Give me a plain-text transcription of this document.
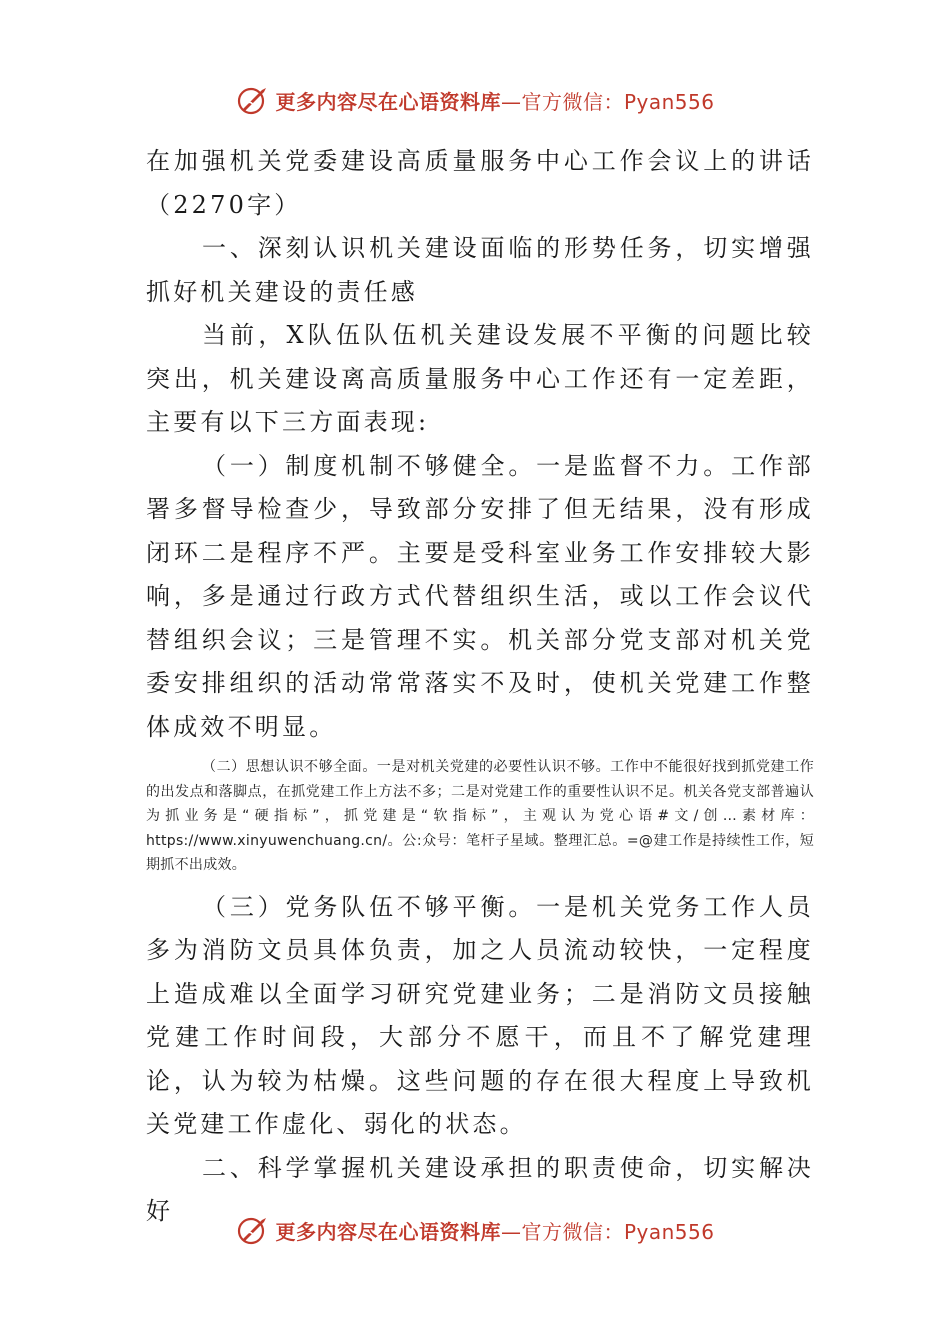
更多内容尽在心语资料库—官方微信：Pyan556

在加强机关党委建设高质量服务中心工作会议上的讲话（2270字）

一、深刻认识机关建设面临的形势任务，切实增强抓好机关建设的责任感

当前，X队伍队伍机关建设发展不平衡的问题比较突出，机关建设离高质量服务中心工作还有一定差距，主要有以下三方面表现:

（一）制度机制不够健全。一是监督不力。工作部署多督导检查少，导致部分安排了但无结果，没有形成闭环二是程序不严。主要是受科室业务工作安排较大影响，多是通过行政方式代替组织生活，或以工作会议代替组织会议；三是管理不实。机关部分党支部对机关党委安排组织的活动常常落实不及时，使机关党建工作整体成效不明显。

（二）思想认识不够全面。一是对机关党建的必要性认识不够。工作中不能很好找到抓党建工作的出发点和落脚点，在抓党建工作上方法不多；二是对党建工作的重要性认识不足。机关各党支部普遍认为抓业务是“硬指标”，抓党建是“软指标”，主观认为党心语#文/创…素材库：https://www.xinyuwenchuang.cn/。公:众号：笔杆子星域。整理汇总。=@建工作是持续性工作，短期抓不出成效。

（三）党务队伍不够平衡。一是机关党务工作人员多为消防文员具体负责，加之人员流动较快，一定程度上造成难以全面学习研究党建业务；二是消防文员接触党建工作时间段，大部分不愿干，而且不了解党建理论，认为较为枯燥。这些问题的存在很大程度上导致机关党建工作虚化、弱化的状态。

二、科学掌握机关建设承担的职责使命，切实解决好

更多内容尽在心语资料库—官方微信：Pyan556
